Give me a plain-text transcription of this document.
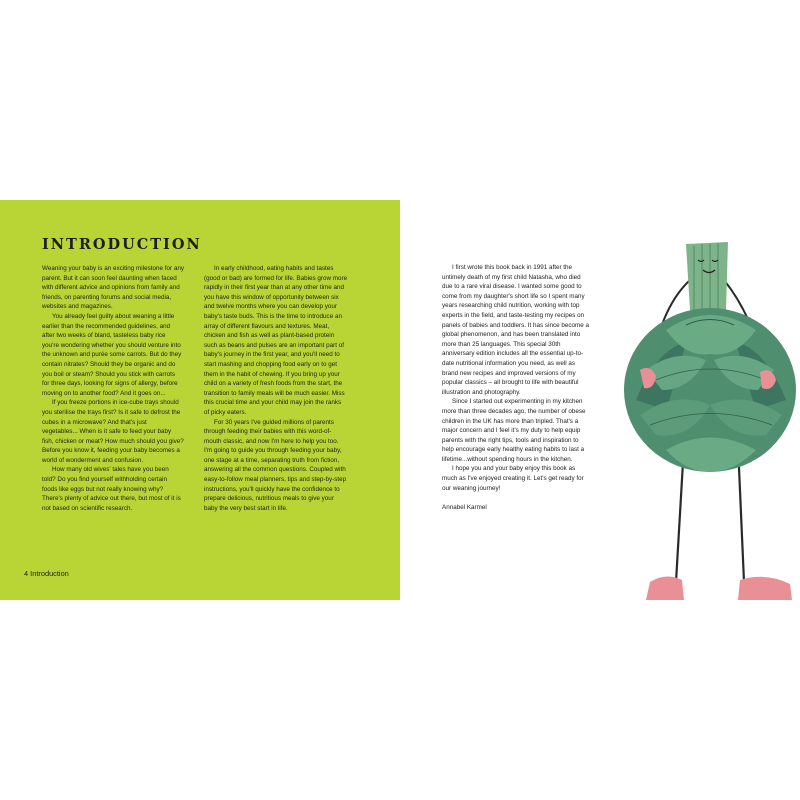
INTRODUCTION

Weaning your baby is an exciting milestone for any parent. But it can soon feel daunting when faced with different advice and opinions from family and friends, on parenting forums and social media, websites and magazines.

You already feel guilty about weaning a little earlier than the recommended guidelines, and after two weeks of bland, tasteless baby rice you're wondering whether you should venture into the unknown and purée some carrots. But do they contain nitrates? Should they be organic and do you boil or steam? Should you stick with carrots for three days, looking for signs of allergy, before moving on to another food? And it goes on...

If you freeze portions in ice-cube trays should you sterilise the trays first? Is it safe to defrost the cubes in a microwave? And that's just vegetables... When is it safe to feed your baby fish, chicken or meat? How much should you give? Before you know it, feeding your baby becomes a world of wonderment and confusion.

How many old wives' tales have you been told? Do you find yourself withholding certain foods like eggs but not really knowing why? There's plenty of advice out there, but most of it is not based on scientific research.

In early childhood, eating habits and tastes (good or bad) are formed for life. Babies grow more rapidly in their first year than at any other time and you have this window of opportunity between six and twelve months where you can develop your baby's taste buds. This is the time to introduce an array of different flavours and textures. Meat, chicken and fish as well as plant-based protein such as beans and pulses are an important part of baby's journey in the first year, and you'll need to start mashing and chopping food early on to get them in the habit of chewing. If you bring up your child on a variety of fresh foods from the start, the transition to family meals will be much easier. Miss this crucial time and your child may join the ranks of picky eaters.

For 30 years I've guided millions of parents through feeding their babies with this word-of-mouth classic, and now I'm here to help you too. I'm going to guide you through feeding your baby, one stage at a time, separating truth from fiction, answering all the common questions. Coupled with easy-to-follow meal planners, tips and step-by-step instructions, you'll quickly have the confidence to prepare delicious, nutritious meals to give your baby the very best start in life.

4 Introduction

I first wrote this book back in 1991 after the untimely death of my first child Natasha, who died due to a rare viral disease. I wanted some good to come from my daughter's short life so I spent many years researching child nutrition, working with top experts in the field, and taste-testing my recipes on panels of babies and toddlers. It has since become a global phenomenon, and has been translated into more than 25 languages. This special 30th anniversary edition includes all the essential up-to-date nutritional information you need, as well as brand new recipes and improved versions of my popular classics – all brought to life with beautiful illustration and photography.

Since I started out experimenting in my kitchen more than three decades ago, the number of obese children in the UK has more than tripled. That's a major concern and I feel it's my duty to help equip parents with the right tips, tools and inspiration to help encourage early healthy eating habits to last a lifetime...without spending hours in the kitchen.

I hope you and your baby enjoy this book as much as I've enjoyed creating it. Let's get ready for our weaning journey!

Annabel Karmel
